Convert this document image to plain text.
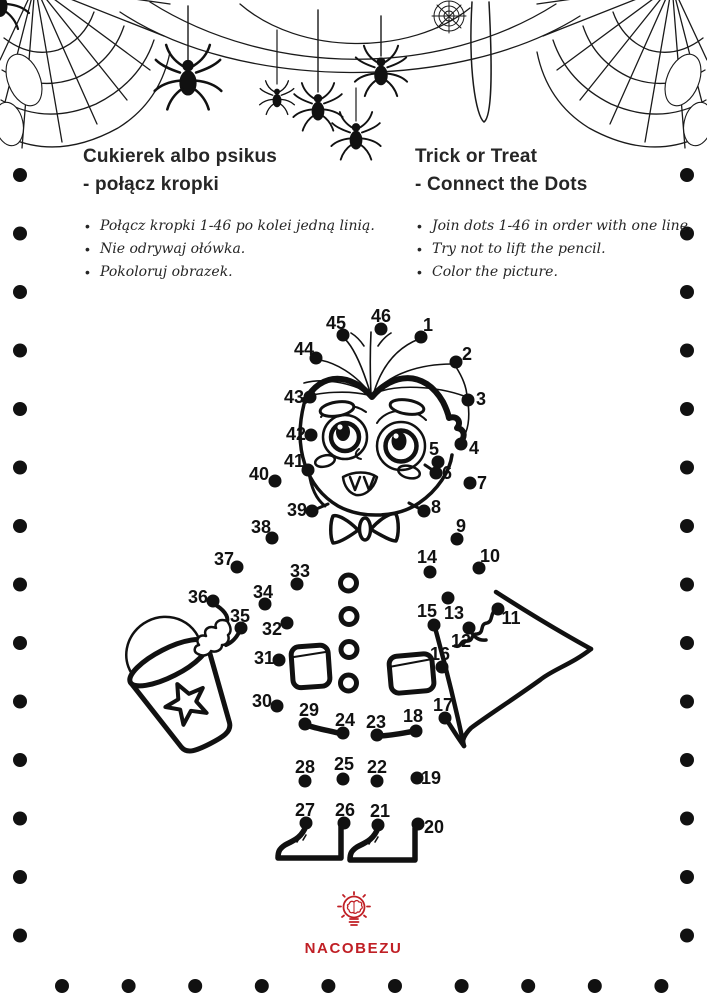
1
2
3
4
5
6 7
8
9
10
11
12
13
14
15
16
17
18
19
20
21
22
23
24
25
26
27
28
29
30
31
32
33
34
35
36
37
38
39
40
41
42
43
44
45 46
Cukierek albo psikus
- połącz kropki
• Połącz kropki 1-46 po kolei jedną linią.
• Nie odrywaj ołówka.
• Pokoloruj obrazek.
Trick or Treat
- Connect the Dots
• Join dots 1-46 in order with one line.
• Try not to lift the pencil.
• Color the picture.
NACOBEZU
